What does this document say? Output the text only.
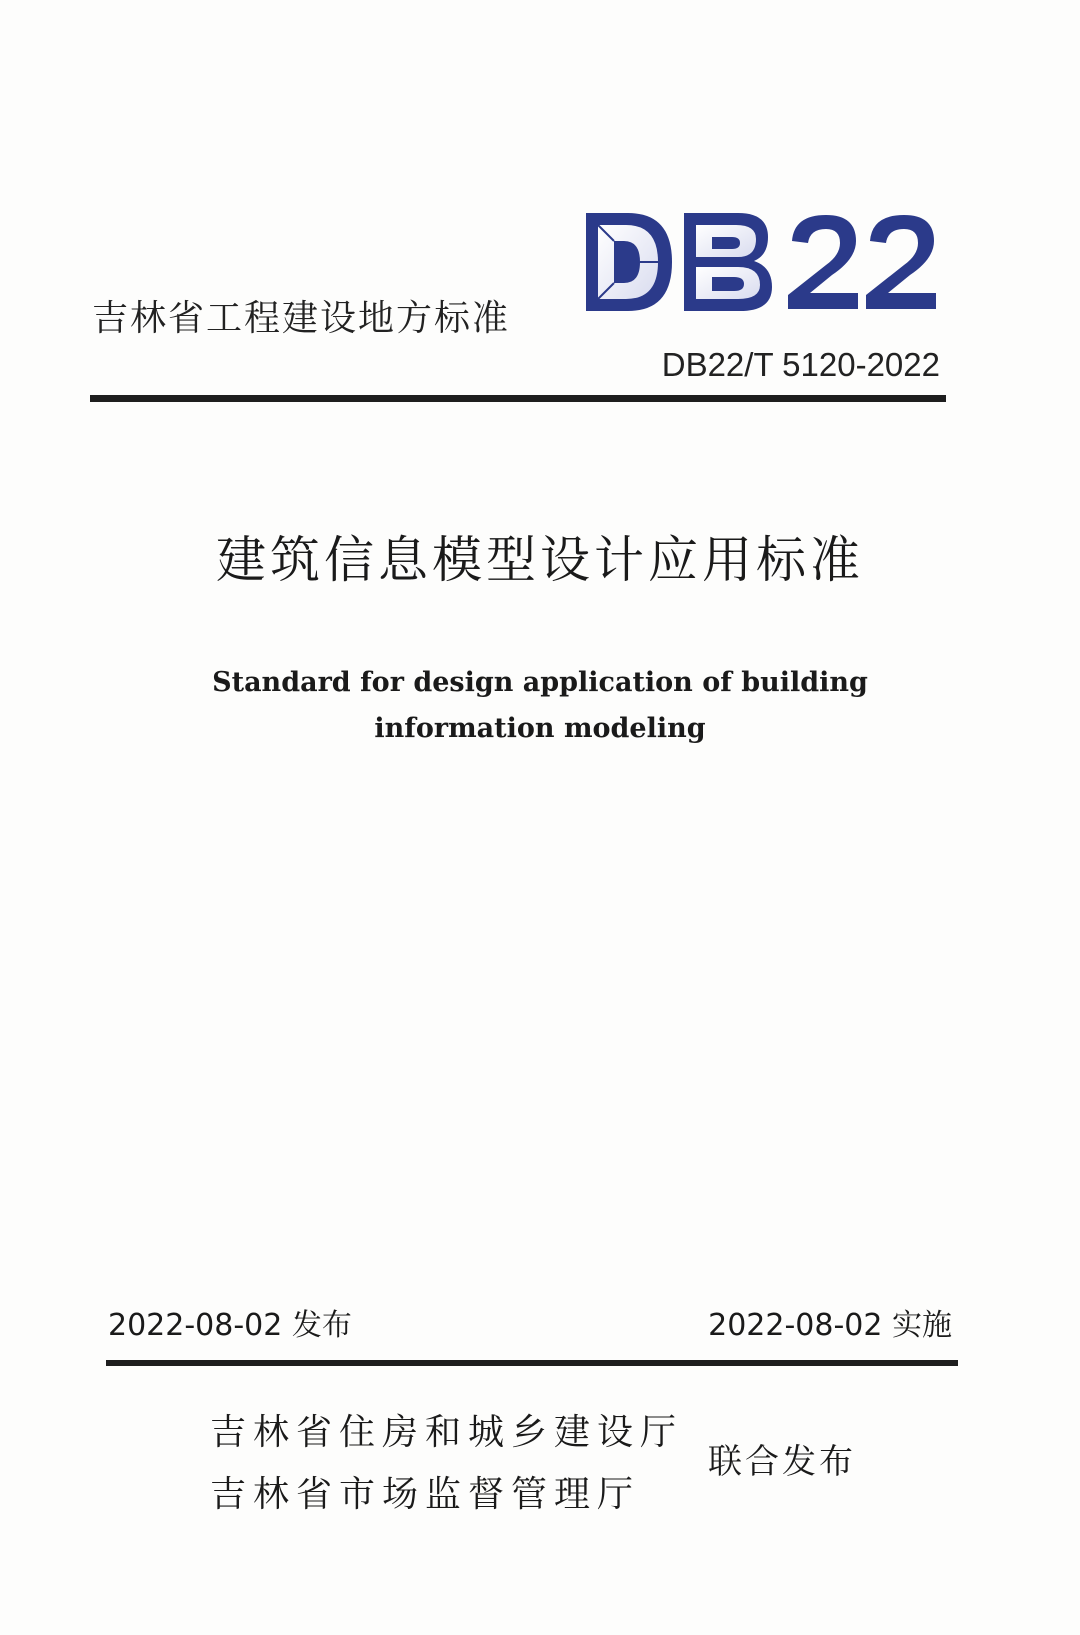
吉林省工程建设地方标准
DB22/T 5120-2022
建筑信息模型设计应用标准
Standard for design application of building
information modeling
2022-08-02 发布	2022-08-02 实施
吉林省住房和城乡建设厅
吉林省市场监督管理厅
联合发布
